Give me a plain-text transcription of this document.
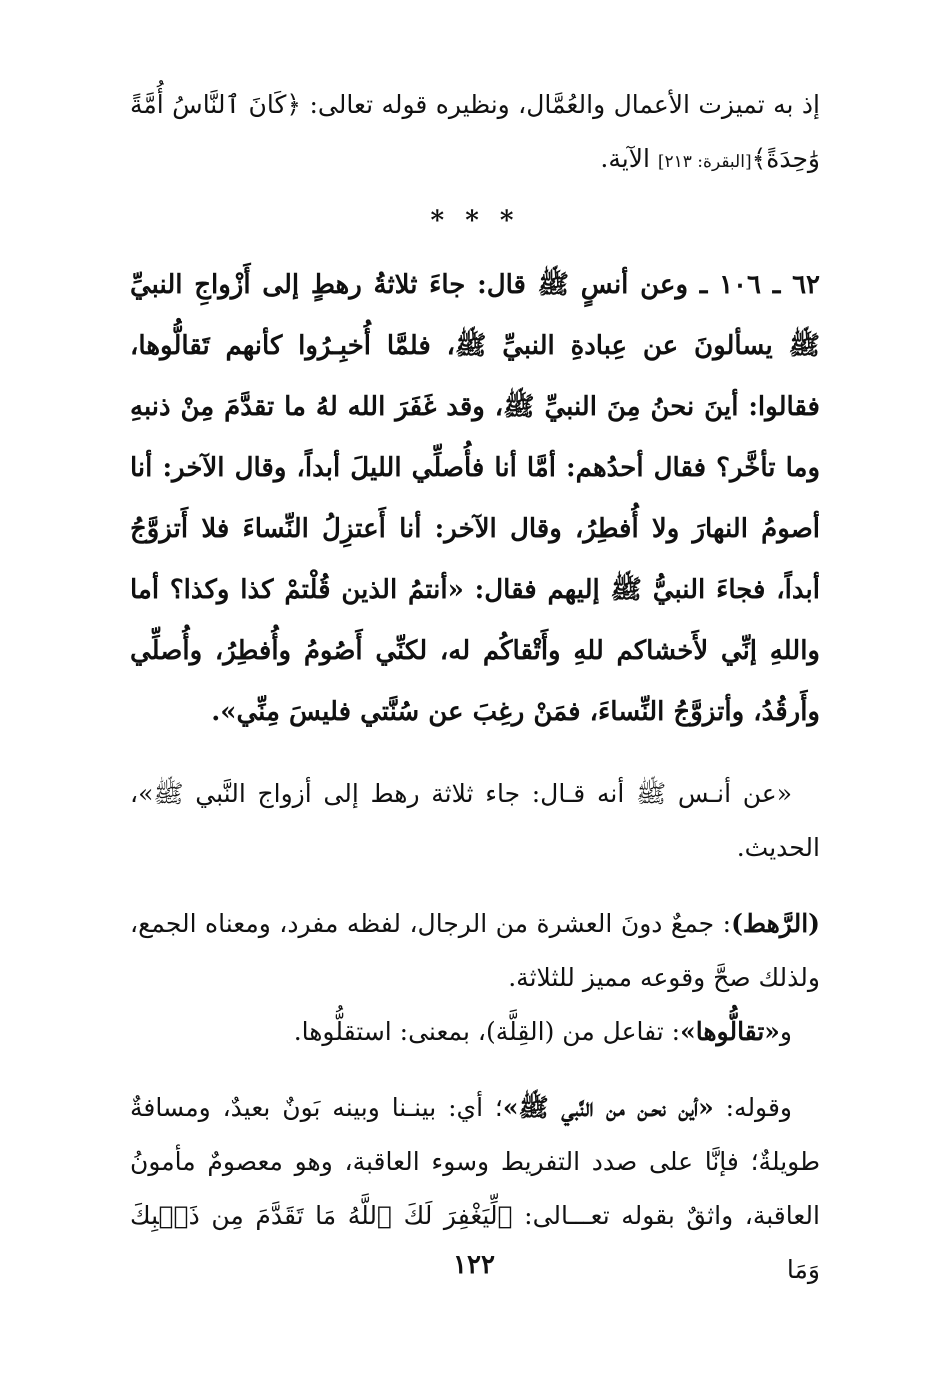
إذ به تميزت الأعمال والعُمَّال، ونظيره قوله تعالى: ﴿كَانَ ٱلنَّاسُ أُمَّةً وَٰحِدَةً﴾[البقرة: ٢١٣] الآية.

* * *

٦٢ ـ ١٠٦ ـ وعن أنسٍ ﷺ قال: جاءَ ثلاثةُ رهطٍ إلى أَزْواجِ النبيِّ ﷺ يسألونَ عن عِبادةِ النبيِّ ﷺ، فلمَّا أُخبِـرُوا كأنهم تَقالُّوها، فقالوا: أينَ نحنُ مِنَ النبيِّ ﷺ، وقد غَفَرَ الله لهُ ما تقدَّمَ مِنْ ذنبهِ وما تأخَّر؟ فقال أحدُهم: أمَّا أنا فأُصلِّي الليلَ أبداً، وقال الآخر: أنا أصومُ النهارَ ولا أُفطِرُ، وقال الآخر: أنا أَعتزِلُ النِّساءَ فلا أَتزوَّجُ أبداً، فجاءَ النبيُّ ﷺ إليهم فقال: «أنتمُ الذين قُلْتمْ كذا وكذا؟ أما واللهِ إنِّي لأَخشاكم للهِ وأَتْقاكُم له، لكنِّي أَصُومُ وأُفطِرُ، وأُصلِّي وأَرقُدُ، وأتزوَّجُ النِّساءَ، فمَنْ رغِبَ عن سُنَّتي فليسَ مِنِّي».

«عن أنـس ﷺ أنه قـال: جاء ثلاثة رهط إلى أزواج النَّبي ﷺ»، الحديث.

(الرَّهط): جمعٌ دونَ العشرة من الرجال، لفظه مفرد، ومعناه الجمع، ولذلك صحَّ وقوعه مميز للثلاثة.

و«تقالُّوها»: تفاعل من (القِلَّة)، بمعنى: استقلُّوها.

وقوله: «أين نحـن من النَّبي ﷺ»؛ أي: بينـنا وبينه بَونٌ بعيدٌ، ومسافةٌ طويلةٌ؛ فإنَّا على صدد التفريط وسوء العاقبة، وهو معصومٌ مأمونُ العاقبة، واثقٌ بقوله تعـــالى: ﴿لِّيَغْفِرَ لَكَ ٱللَّهُ مَا تَقَدَّمَ مِن ذَنۢبِكَ وَمَا

١٢٢
